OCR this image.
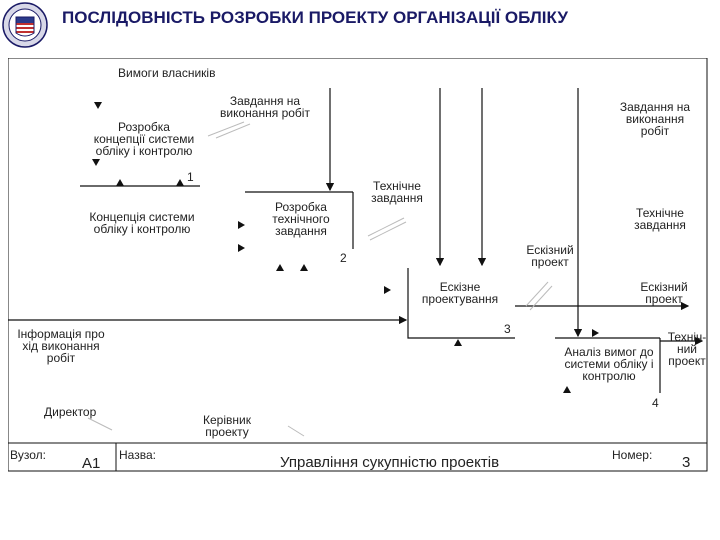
ПОСЛІДОВНІСТЬ РОЗРОБКИ ПРОЕКТУ ОРГАНІЗАЦІЇ ОБЛІКУ
Вимоги власників
Завдання на
виконання робіт	Завдання на
виконання
робіт
Технічне
завдання
Технічне
завдання
Концепція системи
обліку і контролю
Ескізний
проект
Ескізний
проект
Техніч-
ний
проект
Інформація про
хід виконання
робіт
Директор
Керівник
проекту
Розробка
концепції системи
обліку і контролю
1
Розробка
технічного
завдання
2
Ескізне
проектування
3
Аналіз вимог до
системи обліку і
контролю
4
Вузол: A1 Назва:	Управління сукупністю проектів	Номер: 3
